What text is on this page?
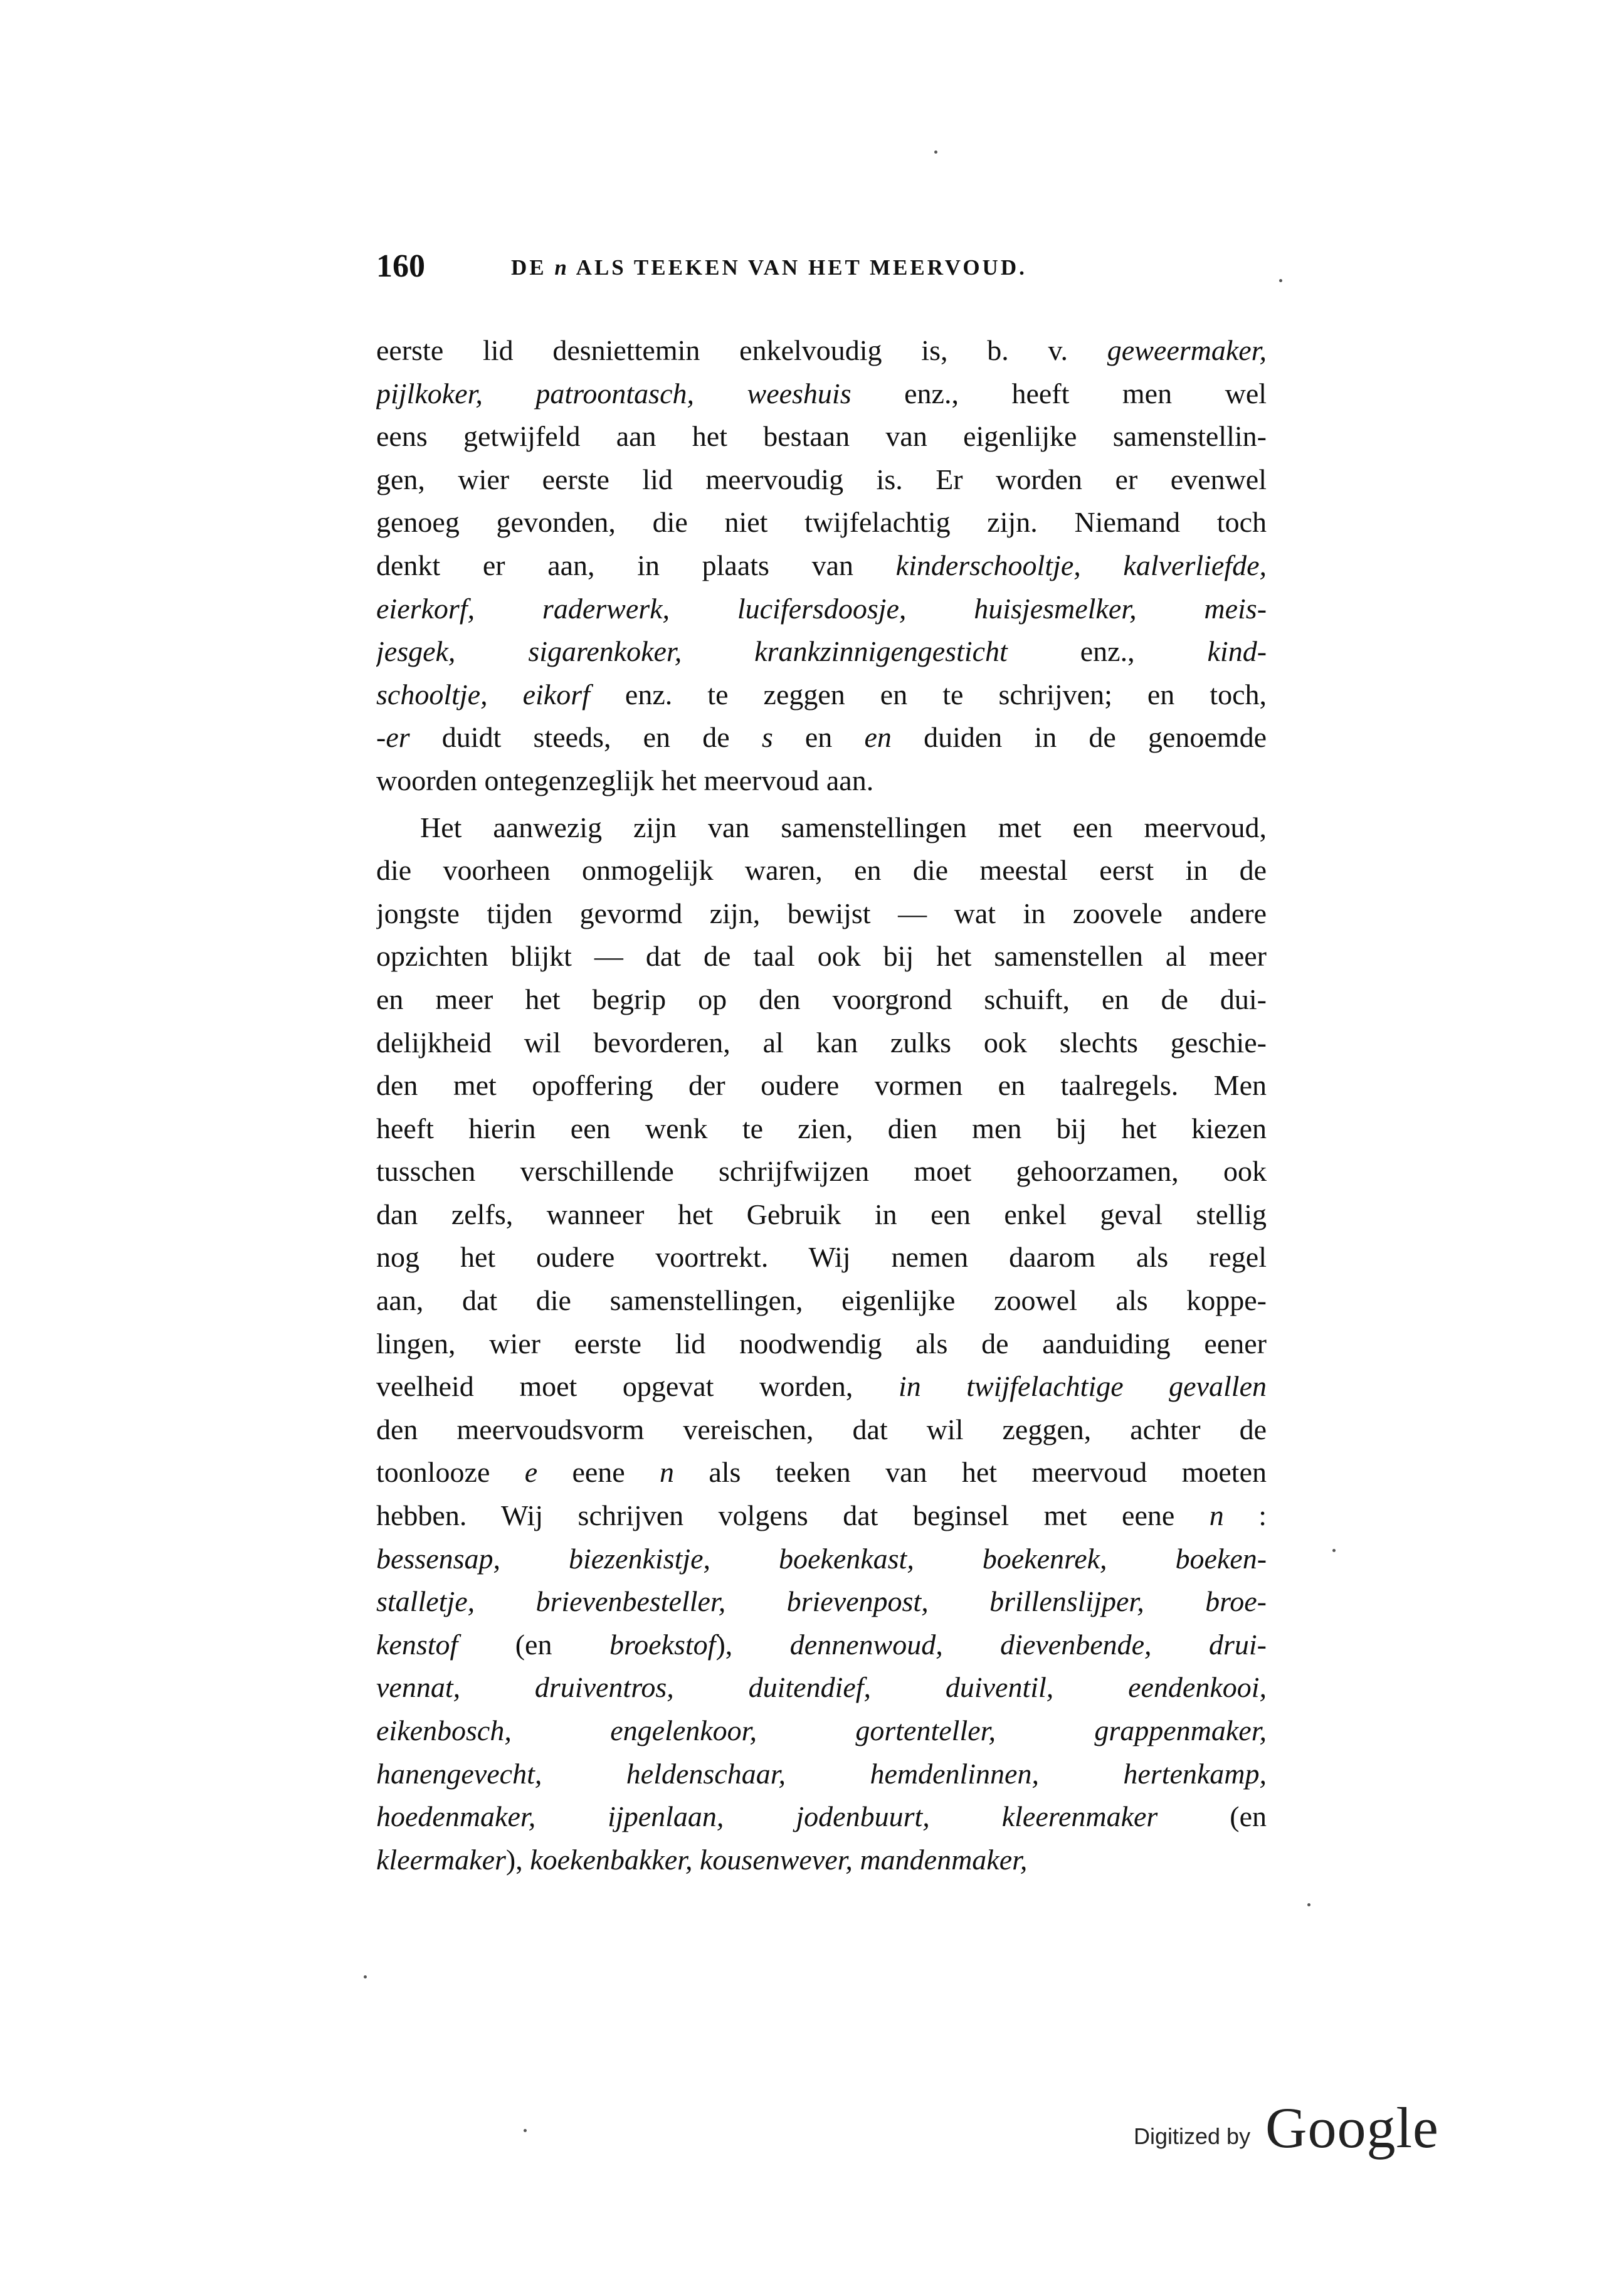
160	DE n ALS TEEKEN VAN HET MEERVOUD.
eerste lid desniettemin enkelvoudig is, b. v. geweermaker,
pijlkoker, patroontasch, weeshuis enz., heeft men wel
eens getwijfeld aan het bestaan van eigenlijke samenstellin-
gen, wier eerste lid meervoudig is. Er worden er evenwel
genoeg gevonden, die niet twijfelachtig zijn. Niemand toch
denkt er aan, in plaats van kinderschooltje, kalverliefde,
eierkorf, raderwerk, lucifersdoosje, huisjesmelker, meis-
jesgek,	sigarenkoker,	krankzinnigengesticht enz., kind-
schooltje, eikorf enz. te zeggen en te schrijven; en toch,
-er duidt steeds, en de s en en duiden in de genoemde
woorden ontegenzeglijk het meervoud aan.
Het aanwezig zijn van samenstellingen met een meervoud,
die voorheen onmogelijk waren, en die meestal eerst in de
jongste tijden gevormd zijn, bewijst — wat in zoovele andere
opzichten blijkt — dat de taal ook bij het samenstellen al meer
en meer het begrip op den voorgrond schuift, en de dui-
delijkheid wil bevorderen, al kan zulks ook slechts geschie-
den met opoffering der oudere vormen en taalregels. Men
heeft hierin een wenk te zien, dien men bij het kiezen
tusschen verschillende schrijfwijzen moet gehoorzamen, ook
dan zelfs, wanneer het Gebruik in een enkel geval stellig
nog het oudere voortrekt. Wij nemen daarom als regel
aan, dat die samenstellingen, eigenlijke zoowel als koppe-
lingen, wier eerste lid noodwendig als de aanduiding eener
veelheid moet opgevat worden, in twijfelachtige gevallen
den meervoudsvorm vereischen, dat wil zeggen, achter de
toonlooze e eene n als teeken van het meervoud moeten
hebben. Wij schrijven volgens dat beginsel met eene n :
bessensap, biezenkistje, boekenkast, boekenrek, boeken-
stalletje, brievenbesteller, brievenpost, brillenslijper, broe-
kenstof (en broekstof), dennenwoud, dievenbende, drui-
vennat,	druiventros,	duitendief,	duiventil,	eendenkooi,
eikenbosch,	engelenkoor,	gortenteller,	grappenmaker,
hanengevecht,	heldenschaar,	hemdenlinnen,	hertenkamp,
hoedenmaker, ijpenlaan, jodenbuurt, kleerenmaker (en
kleermaker), koekenbakker, kousenwever, mandenmaker,
Digitized by Google
